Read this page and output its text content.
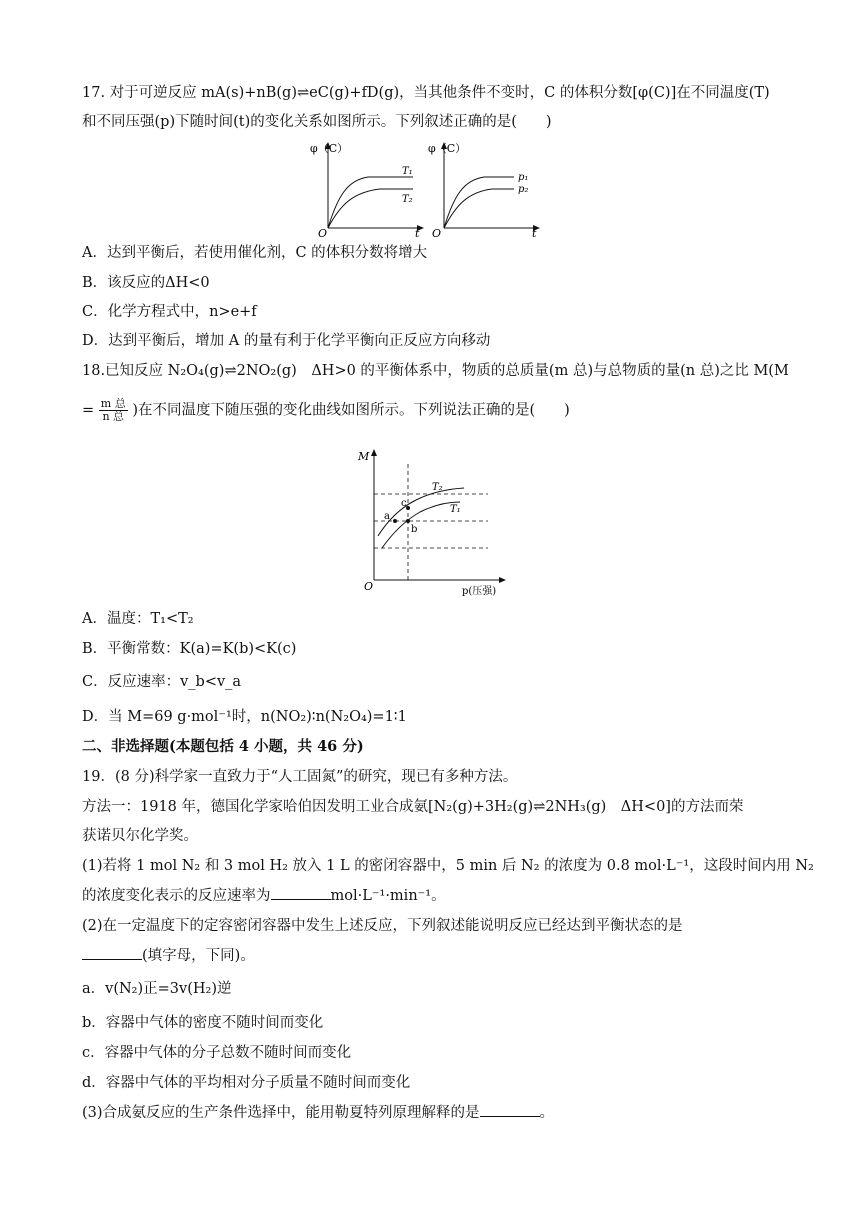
17. 对于可逆反应 mA(s)+nB(g)⇌eC(g)+fD(g)，当其他条件不变时，C 的体积分数[φ(C)]在不同温度(T)
和不同压强(p)下随时间(t)的变化关系如图所示。下列叙述正确的是(　　)
φ（C）
O	t
T₁
T₂
φ（C）
O	t
p₁
p₂
A．达到平衡后，若使用催化剂，C 的体积分数将增大
B．该反应的ΔH<0
C．化学方程式中，n>e+f
D．达到平衡后，增加 A 的量有利于化学平衡向正反应方向移动
18.已知反应 N₂O₄(g)⇌2NO₂(g)　ΔH>0 的平衡体系中，物质的总质量(m 总)与总物质的量(n 总)之比 M(M
= $\frac{\text{m 总}}{\text{n 总}}$ )在不同温度下随压强的变化曲线如图所示。下列说法正确的是(　　)
M
O	p(压强)
T₂
T₁
a
c
b
A．温度：T₁<T₂
B．平衡常数：K(a)=K(b)<K(c)
C．反应速率：v_b<v_a
D．当 M=69 g·mol⁻¹时，n(NO₂)∶n(N₂O₄)=1∶1
二、非选择题(本题包括 4 小题，共 46 分)
19．(8 分)科学家一直致力于“人工固氮”的研究，现已有多种方法。
方法一：1918 年，德国化学家哈伯因发明工业合成氨[N₂(g)+3H₂(g)⇌2NH₃(g)　ΔH<0]的方法而荣
获诺贝尔化学奖。
(1)若将 1 mol N₂ 和 3 mol H₂ 放入 1 L 的密闭容器中，5 min 后 N₂ 的浓度为 0.8 mol·L⁻¹，这段时间内用 N₂
的浓度变化表示的反应速率为	mol·L⁻¹·min⁻¹。
(2)在一定温度下的定容密闭容器中发生上述反应，下列叙述能说明反应已经达到平衡状态的是
(填字母，下同)。
a．v(N₂)正=3v(H₂)逆
b．容器中气体的密度不随时间而变化
c．容器中气体的分子总数不随时间而变化
d．容器中气体的平均相对分子质量不随时间而变化
(3)合成氨反应的生产条件选择中，能用勒夏特列原理解释的是	。
